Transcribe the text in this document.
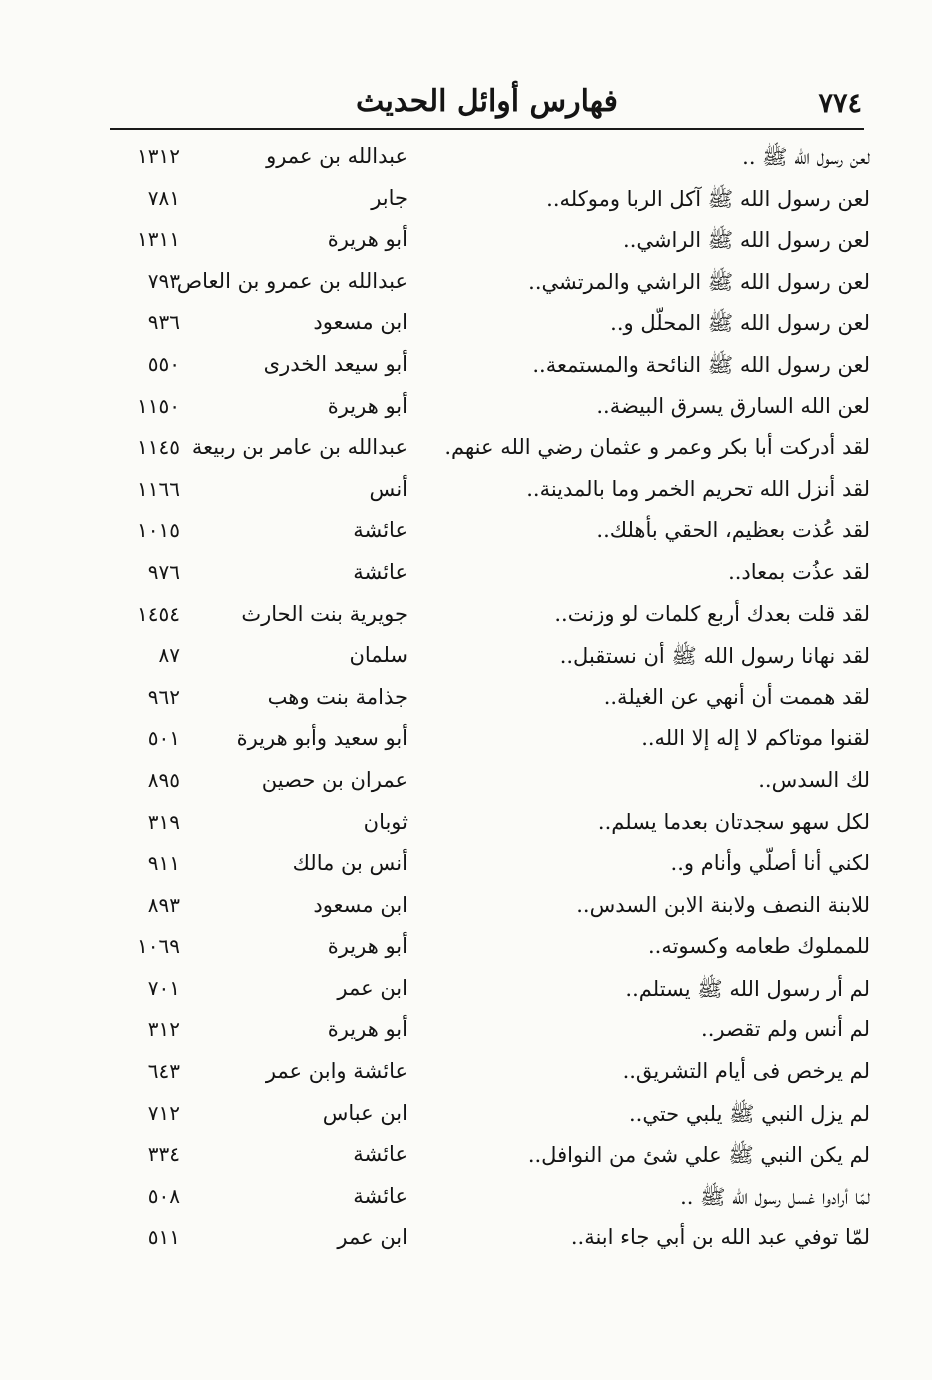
٧٧٤
فهارس أوائل الحديث
لعن رسول الله ﷺ ..
عبدالله بن عمرو
١٣١٢
لعن رسول الله ﷺ آكل الربا وموكله..
جابر
٧٨١
لعن رسول الله ﷺ الراشي..
أبو هريرة
١٣١١
لعن رسول الله ﷺ الراشي والمرتشي..
عبدالله بن عمرو بن العاص
٧٩٣
لعن رسول الله ﷺ المحلّل و..
ابن مسعود
٩٣٦
لعن رسول الله ﷺ النائحة والمستمعة..
أبو سيعد الخدرى
٥٥٠
لعن الله السارق يسرق البيضة..
أبو هريرة
١١٥٠
لقد أدركت أبا بكر وعمر و عثمان رضي الله عنهم.
عبدالله بن عامر بن ربيعة
١١٤٥
لقد أنزل الله تحريم الخمر وما بالمدينة..
أنس
١١٦٦
لقد عُذت بعظيم، الحقي بأهلك..
عائشة
١٠١٥
لقد عذُت بمعاد..
عائشة
٩٧٦
لقد قلت بعدك أربع كلمات لو وزنت..
جويرية بنت الحارث
١٤٥٤
لقد نهانا رسول الله ﷺ أن نستقبل..
سلمان
٨٧
لقد هممت أن أنهي عن الغيلة..
جذامة بنت وهب
٩٦٢
لقنوا موتاكم لا إله إلا الله..
أبو سعيد وأبو هريرة
٥٠١
لك السدس..
عمران بن حصين
٨٩٥
لكل سهو سجدتان بعدما يسلم..
ثوبان
٣١٩
لكني أنا أصلّي وأنام و..
أنس بن مالك
٩١١
للابنة النصف ولابنة الابن السدس..
ابن مسعود
٨٩٣
للمملوك طعامه وكسوته..
أبو هريرة
١٠٦٩
لم أر رسول الله ﷺ يستلم..
ابن عمر
٧٠١
لم أنس ولم تقصر..
أبو هريرة
٣١٢
لم يرخص فى أيام التشريق..
عائشة وابن عمر
٦٤٣
لم يزل النبي ﷺ يلبي حتي..
ابن عباس
٧١٢
لم يكن النبي ﷺ علي شئ من النوافل..
عائشة
٣٣٤
لمّا أرادوا غسل رسول الله ﷺ ..
عائشة
٥٠٨
لمّا توفي عبد الله بن أبي جاء ابنة..
ابن عمر
٥١١
